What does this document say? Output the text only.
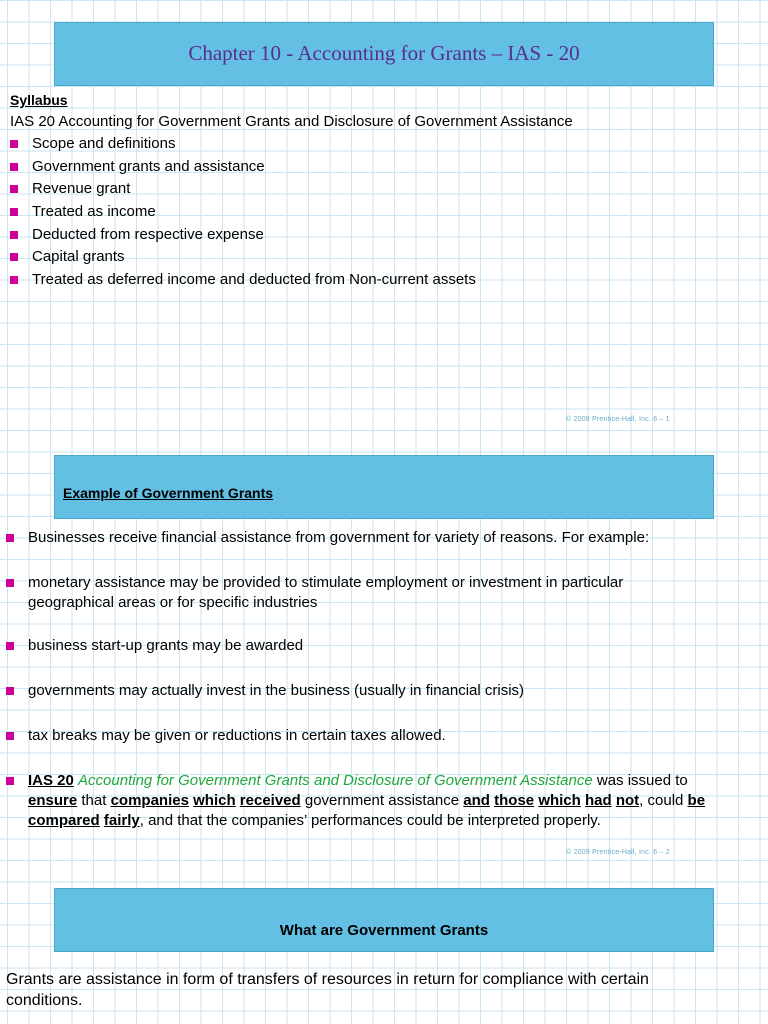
Chapter 10 - Accounting for Grants – IAS - 20
Syllabus
IAS 20 Accounting for Government Grants and Disclosure of Government Assistance
Scope and definitions
Government grants and assistance
Revenue grant
Treated as income
Deducted from respective expense
Capital grants
Treated as deferred income and deducted from Non-current assets
© 2009 Prentice-Hall, Inc. 6 – 1
Example of Government Grants
Businesses receive financial assistance from government for variety of reasons. For example:
monetary assistance may be provided to stimulate employment or investment in particular
geographical areas or for specific industries
business start-up grants may be awarded
governments may actually invest in the business (usually in financial crisis)
tax breaks may be given or reductions in certain taxes allowed.
IAS 20 Accounting for Government Grants and Disclosure of Government Assistance was issued to
ensure that companies which received government assistance and those which had not, could be
compared fairly, and that the companies’ performances could be interpreted properly.
© 2009 Prentice-Hall, Inc. 6 – 2
What are Government Grants
Grants are assistance in form of transfers of resources in return for compliance with certain
conditions.
